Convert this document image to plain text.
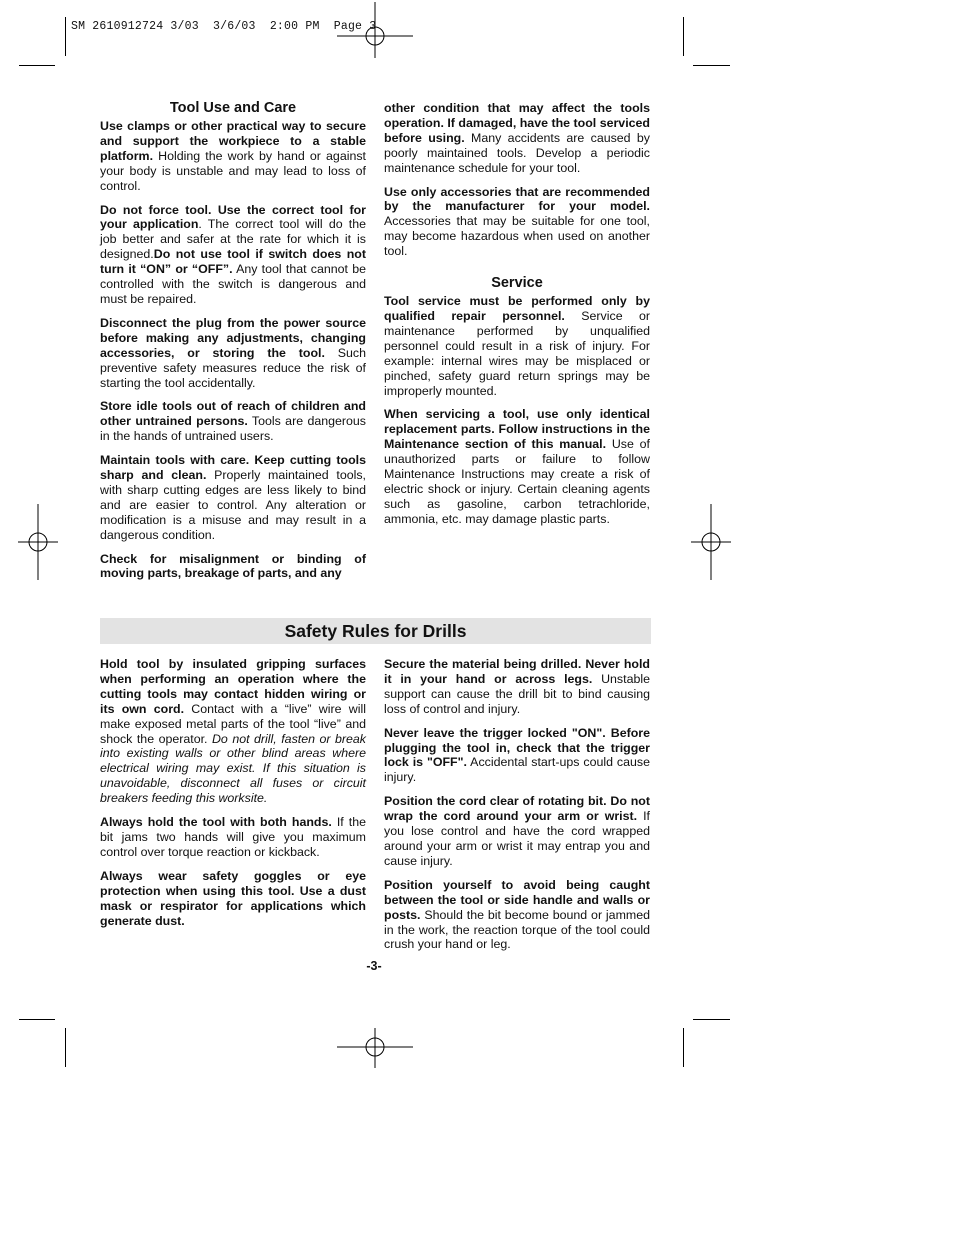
SM 2610912724 3/03  3/6/03  2:00 PM  Page 3
Tool Use and Care

Use clamps or other practical way to secure and support the workpiece to a stable platform. Holding the work by hand or against your body is unstable and may lead to loss of control.

Do not force tool. Use the correct tool for your application. The correct tool will do the job better and safer at the rate for which it is designed.Do not use tool if switch does not turn it “ON” or “OFF”. Any tool that cannot be controlled with the switch is dangerous and must be repaired.

Disconnect the plug from the power source before making any adjustments, changing accessories, or storing the tool. Such preventive safety measures reduce the risk of starting the tool accidentally.

Store idle tools out of reach of children and other untrained persons. Tools are dangerous in the hands of untrained users.

Maintain tools with care. Keep cutting tools sharp and clean. Properly maintained tools, with sharp cutting edges are less likely to bind and are easier to control. Any alteration or modification is a misuse and may result in a dangerous condition.

Check for misalignment or binding of moving parts, breakage of parts, and any

other condition that may affect the tools operation. If damaged, have the tool serviced before using. Many accidents are caused by poorly maintained tools. Develop a periodic maintenance schedule for your tool.

Use only accessories that are recommended by the manufacturer for your model. Accessories that may be suitable for one tool, may become hazardous when used on another tool.

Service

Tool service must be performed only by qualified repair personnel. Service or maintenance performed by unqualified personnel could result in a risk of injury. For example: internal wires may be misplaced or pinched, safety guard return springs may be improperly mounted.

When servicing a tool, use only identical replacement parts. Follow instructions in the Maintenance section of this manual. Use of unauthorized parts or failure to follow Maintenance Instructions may create a risk of electric shock or injury. Certain cleaning agents such as gasoline, carbon tetrachloride, ammonia, etc. may damage plastic parts.

Safety Rules for Drills

Hold tool by insulated gripping surfaces when performing an operation where the cutting tools may contact hidden wiring or its own cord. Contact with a “live” wire will make exposed metal parts of the tool “live” and shock the operator. Do not drill, fasten or break into existing walls or other blind areas where electrical wiring may exist. If this situation is unavoidable, disconnect all fuses or circuit breakers feeding this worksite.

Always hold the tool with both hands. If the bit jams two hands will give you maximum control over torque reaction or kickback.

Always wear safety goggles or eye protection when using this tool. Use a dust mask or respirator for applications which generate dust.

Secure the material being drilled. Never hold it in your hand or across legs. Unstable support can cause the drill bit to bind causing loss of control and injury.

Never leave the trigger locked "ON". Before plugging the tool in, check that the trigger lock is "OFF". Accidental start-ups could cause injury.

Position the cord clear of rotating bit. Do not wrap the cord around your arm or wrist. If you lose control and have the cord wrapped around your arm or wrist it may entrap you and cause injury.

Position yourself to avoid being caught between the tool or side handle and walls or posts. Should the bit become bound or jammed in the work, the reaction torque of the tool could crush your hand or leg.

-3-
